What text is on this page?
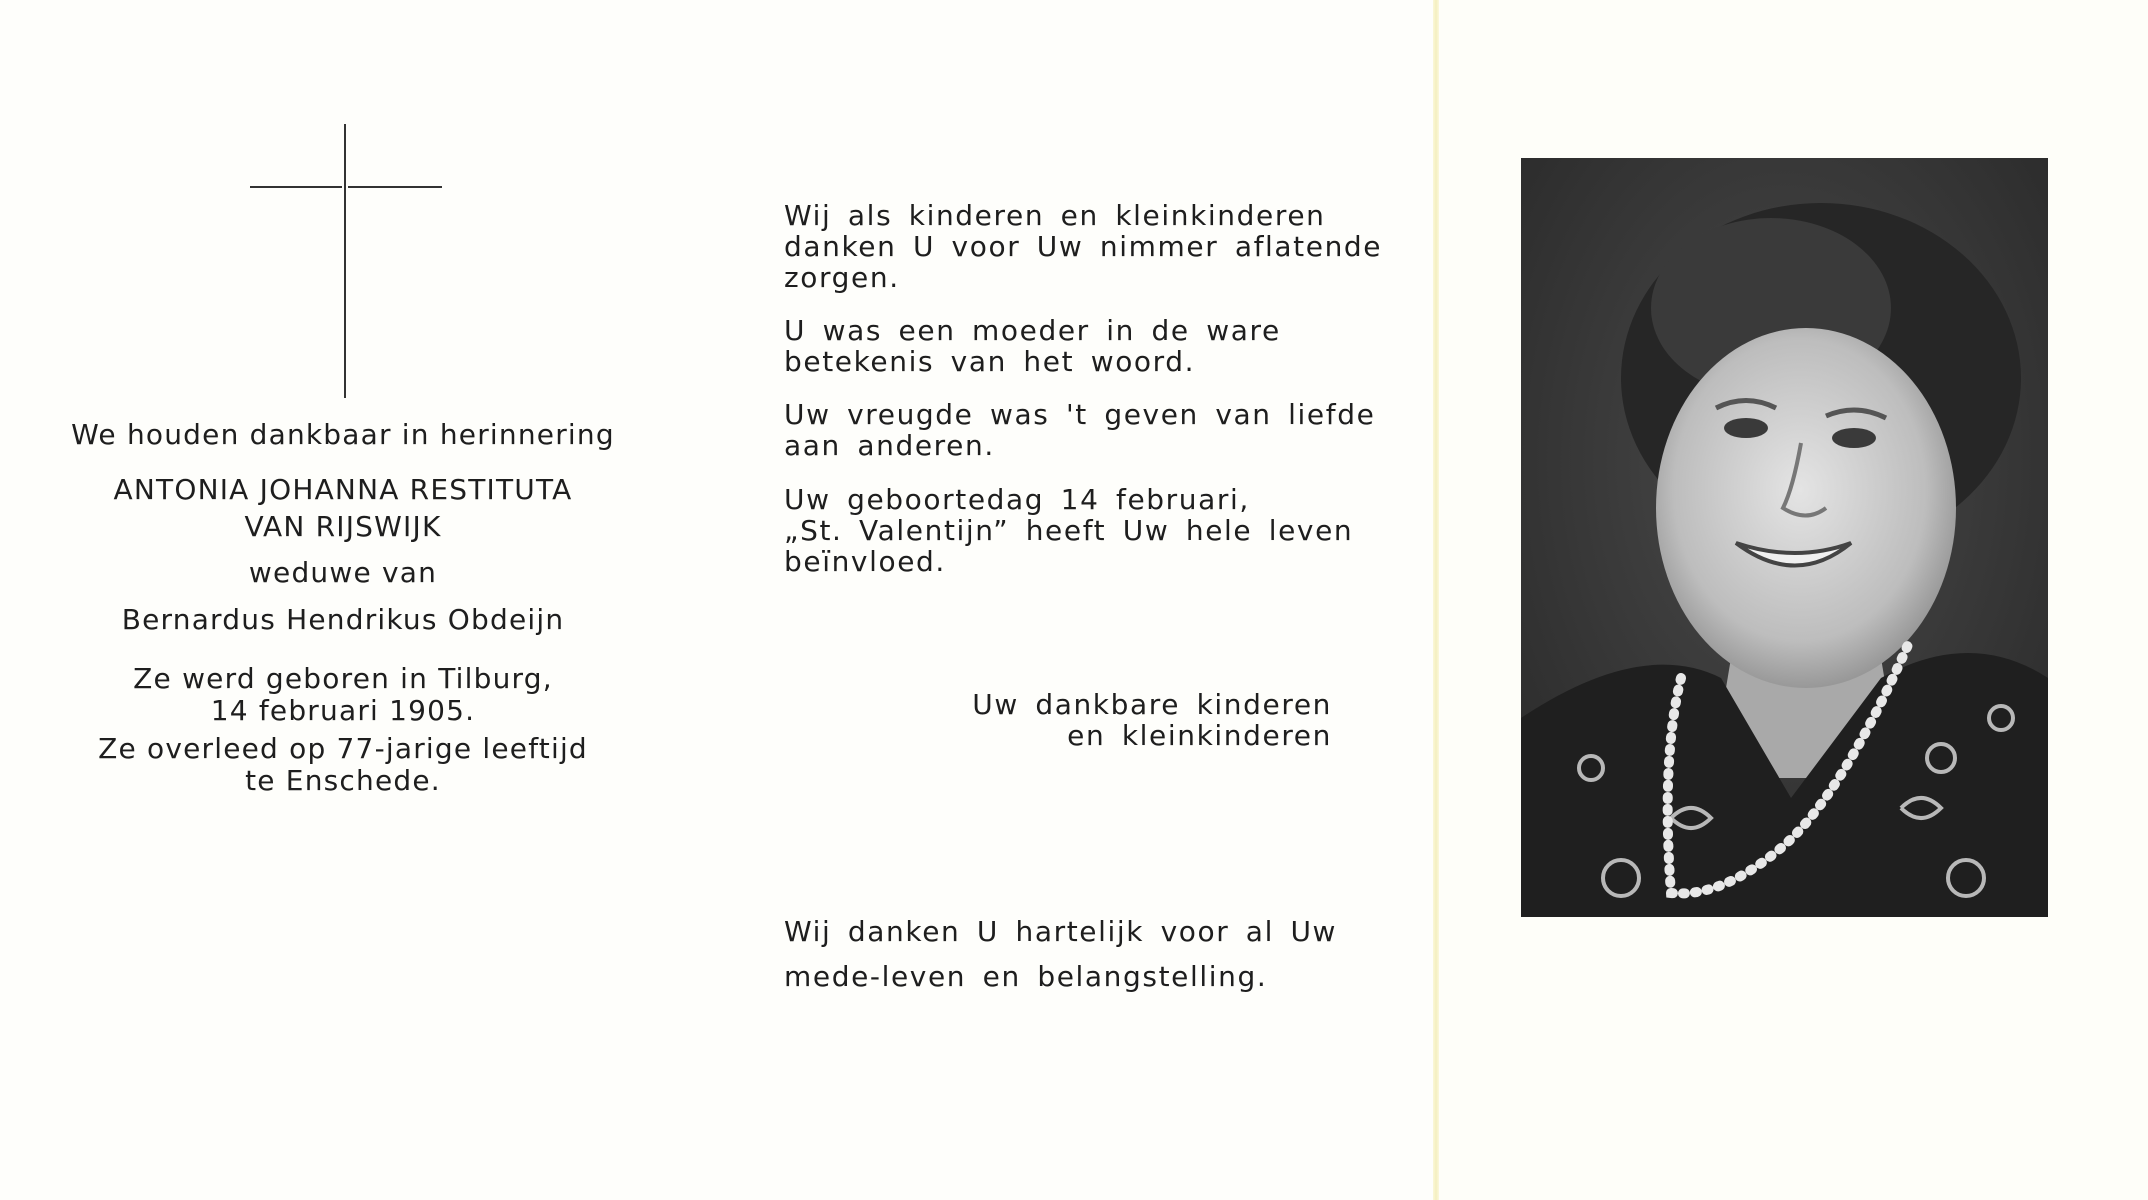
We houden dankbaar in herinnering
ANTONIA JOHANNA RESTITUTA
VAN RIJSWIJK
weduwe van
Bernardus Hendrikus Obdeijn
Ze werd geboren in Tilburg,
14 februari 1905.
Ze overleed op 77-jarige leeftijd
te Enschede.
Wij als kinderen en kleinkinderen
danken U voor Uw nimmer aflatende
zorgen.
U was een moeder in de ware
betekenis van het woord.
Uw vreugde was 't geven van liefde
aan anderen.
Uw geboortedag 14 februari,
„St. Valentijn” heeft Uw hele leven
beïnvloed.
Uw dankbare kinderen
en kleinkinderen
Wij danken U hartelijk voor al Uw
mede-leven en belangstelling.
